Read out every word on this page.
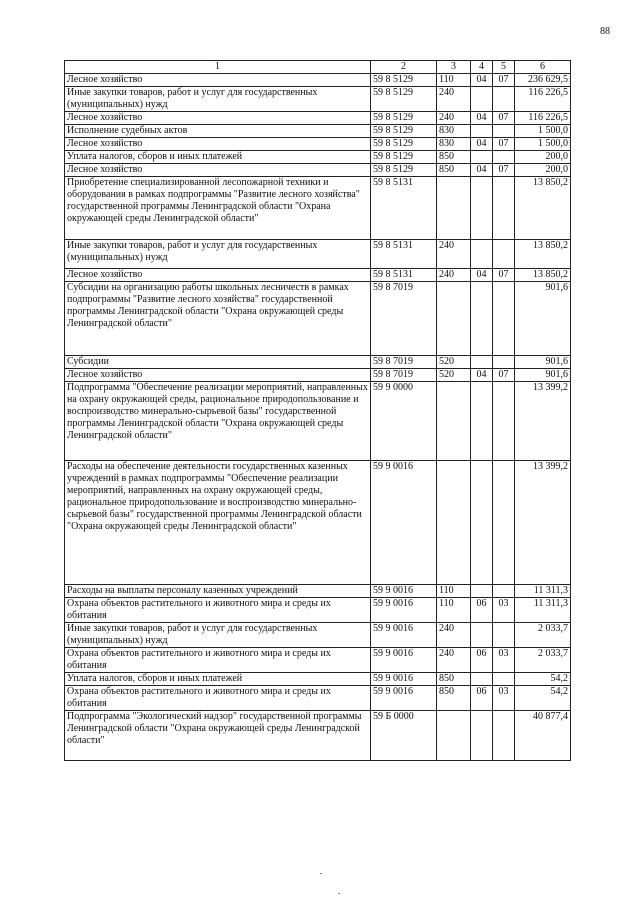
88
1	2	3	4	5	6
Лесное хозяйство	59 8 5129	110	04	07	236 629,5
Иные закупки товаров, работ и услуг для государственных (муниципальных) нужд	59 8 5129	240			116 226,5
Лесное хозяйство	59 8 5129	240	04	07	116 226,5
Исполнение судебных актов	59 8 5129	830			1 500,0
Лесное хозяйство	59 8 5129	830	04	07	1 500,0
Уплата налогов, сборов и иных платежей	59 8 5129	850			200,0
Лесное хозяйство	59 8 5129	850	04	07	200,0
Приобретение специализированной лесопожарной техники и оборудования в рамках подпрограммы "Развитие лесного хозяйства" государственной программы Ленинградской области "Охрана окружающей среды Ленинградской области"	59 8 5131				13 850,2
Иные закупки товаров, работ и услуг для государственных (муниципальных) нужд	59 8 5131	240			13 850,2
Лесное хозяйство	59 8 5131	240	04	07	13 850,2
Субсидии на организацию работы школьных лесничеств в рамках подпрограммы "Развитие лесного хозяйства" государственной программы Ленинградской области "Охрана окружающей среды Ленинградской области"	59 8 7019				901,6
Субсидии	59 8 7019	520			901,6
Лесное хозяйство	59 8 7019	520	04	07	901,6
Подпрограмма "Обеспечение реализации мероприятий, направленных на охрану окружающей среды, рациональное природопользование и воспроизводство минерально-сырьевой базы" государственной программы Ленинградской области "Охрана окружающей среды Ленинградской области"	59 9 0000				13 399,2
Расходы на обеспечение деятельности государственных казенных учреждений в рамках подпрограммы "Обеспечение реализации мероприятий, направленных на охрану окружающей среды, рациональное природопользование и воспроизводство минерально-сырьевой базы" государственной программы Ленинградской области "Охрана окружающей среды Ленинградской области"	59 9 0016				13 399,2
Расходы на выплаты персоналу казенных учреждений	59 9 0016	110			11 311,3
Охрана объектов растительного и животного мира и среды их обитания	59 9 0016	110	06	03	11 311,3
Иные закупки товаров, работ и услуг для государственных (муниципальных) нужд	59 9 0016	240			2 033,7
Охрана объектов растительного и животного мира и среды их обитания	59 9 0016	240	06	03	2 033,7
Уплата налогов, сборов и иных платежей	59 9 0016	850			54,2
Охрана объектов растительного и животного мира и среды их обитания	59 9 0016	850	06	03	54,2
Подпрограмма "Экологический надзор" государственной программы Ленинградской области "Охрана окружающей среды Ленинградской области"	59 Б 0000				40 877,4
